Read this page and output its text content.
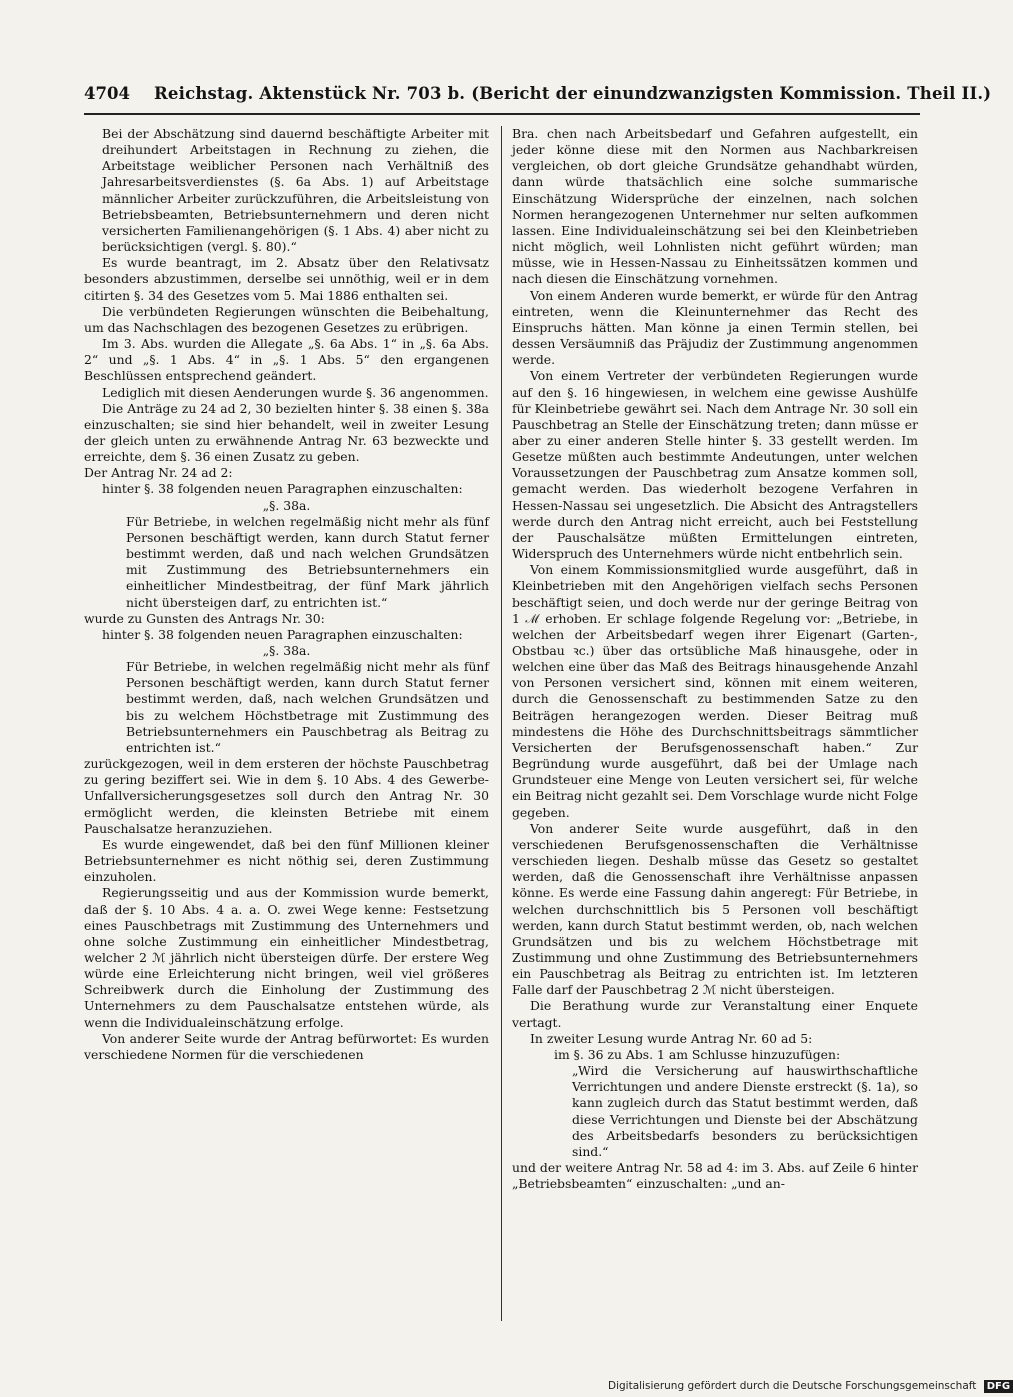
4704 Reichstag. Aktenstück Nr. 703 b. (Bericht der einundzwanzigsten Kommission. Theil II.)

Bei der Abschätzung sind dauernd beschäftigte Arbeiter mit dreihundert Arbeitstagen in Rechnung zu ziehen, die Arbeitstage weiblicher Personen nach Verhältniß des Jahresarbeitsverdienstes (§. 6a Abs. 1) auf Arbeitstage männlicher Arbeiter zurückzuführen, die Arbeitsleistung von Betriebsbeamten, Betriebsunternehmern und deren nicht versicherten Familienangehörigen (§. 1 Abs. 4) aber nicht zu berücksichtigen (vergl. §. 80).“

Es wurde beantragt, im 2. Absatz über den Relativsatz besonders abzustimmen, derselbe sei unnöthig, weil er in dem citirten §. 34 des Gesetzes vom 5. Mai 1886 enthalten sei.

Die verbündeten Regierungen wünschten die Beibehaltung, um das Nachschlagen des bezogenen Gesetzes zu erübrigen.

Im 3. Abs. wurden die Allegate „§. 6a Abs. 1“ in „§. 6a Abs. 2“ und „§. 1 Abs. 4“ in „§. 1 Abs. 5“ den ergangenen Beschlüssen entsprechend geändert.

Lediglich mit diesen Aenderungen wurde §. 36 angenommen.

Die Anträge zu 24 ad 2, 30 bezielten hinter §. 38 einen §. 38a einzuschalten; sie sind hier behandelt, weil in zweiter Lesung der gleich unten zu erwähnende Antrag Nr. 63 bezweckte und erreichte, dem §. 36 einen Zusatz zu geben.

Der Antrag Nr. 24 ad 2:

hinter §. 38 folgenden neuen Paragraphen einzuschalten:

„§. 38a.

Für Betriebe, in welchen regelmäßig nicht mehr als fünf Personen beschäftigt werden, kann durch Statut ferner bestimmt werden, daß und nach welchen Grundsätzen mit Zustimmung des Betriebsunternehmers ein einheitlicher Mindestbeitrag, der fünf Mark jährlich nicht übersteigen darf, zu entrichten ist.“

wurde zu Gunsten des Antrags Nr. 30:

hinter §. 38 folgenden neuen Paragraphen einzuschalten:

„§. 38a.

Für Betriebe, in welchen regelmäßig nicht mehr als fünf Personen beschäftigt werden, kann durch Statut ferner bestimmt werden, daß, nach welchen Grundsätzen und bis zu welchem Höchstbetrage mit Zustimmung des Betriebsunternehmers ein Pauschbetrag als Beitrag zu entrichten ist.“

zurückgezogen, weil in dem ersteren der höchste Pauschbetrag zu gering beziffert sei. Wie in dem §. 10 Abs. 4 des Gewerbe-Unfallversicherungsgesetzes soll durch den Antrag Nr. 30 ermöglicht werden, die kleinsten Betriebe mit einem Pauschalsatze heranzuziehen.

Es wurde eingewendet, daß bei den fünf Millionen kleiner Betriebsunternehmer es nicht nöthig sei, deren Zustimmung einzuholen.

Regierungsseitig und aus der Kommission wurde bemerkt, daß der §. 10 Abs. 4 a. a. O. zwei Wege kenne: Festsetzung eines Pauschbetrags mit Zustimmung des Unternehmers und ohne solche Zustimmung ein einheitlicher Mindestbetrag, welcher 2 ℳ jährlich nicht übersteigen dürfe. Der erstere Weg würde eine Erleichterung nicht bringen, weil viel größeres Schreibwerk durch die Einholung der Zustimmung des Unternehmers zu dem Pauschalsatze entstehen würde, als wenn die Individualeinschätzung erfolge.

Von anderer Seite wurde der Antrag befürwortet: Es wurden verschiedene Normen für die verschiedenen

Bra. chen nach Arbeitsbedarf und Gefahren aufgestellt, ein jeder könne diese mit den Normen aus Nachbarkreisen vergleichen, ob dort gleiche Grundsätze gehandhabt würden, dann würde thatsächlich eine solche summarische Einschätzung Widersprüche der einzelnen, nach solchen Normen herangezogenen Unternehmer nur selten aufkommen lassen. Eine Individualeinschätzung sei bei den Kleinbetrieben nicht möglich, weil Lohnlisten nicht geführt würden; man müsse, wie in Hessen-Nassau zu Einheitssätzen kommen und nach diesen die Einschätzung vornehmen.

Von einem Anderen wurde bemerkt, er würde für den Antrag eintreten, wenn die Kleinunternehmer das Recht des Einspruchs hätten. Man könne ja einen Termin stellen, bei dessen Versäumniß das Präjudiz der Zustimmung angenommen werde.

Von einem Vertreter der verbündeten Regierungen wurde auf den §. 16 hingewiesen, in welchem eine gewisse Aushülfe für Kleinbetriebe gewährt sei. Nach dem Antrage Nr. 30 soll ein Pauschbetrag an Stelle der Einschätzung treten; dann müsse er aber zu einer anderen Stelle hinter §. 33 gestellt werden. Im Gesetze müßten auch bestimmte Andeutungen, unter welchen Voraussetzungen der Pauschbetrag zum Ansatze kommen soll, gemacht werden. Das wiederholt bezogene Verfahren in Hessen-Nassau sei ungesetzlich. Die Absicht des Antragstellers werde durch den Antrag nicht erreicht, auch bei Feststellung der Pauschalsätze müßten Ermittelungen eintreten, Widerspruch des Unternehmers würde nicht entbehrlich sein.

Von einem Kommissionsmitglied wurde ausgeführt, daß in Kleinbetrieben mit den Angehörigen vielfach sechs Personen beschäftigt seien, und doch werde nur der geringe Beitrag von 1 ℳ erhoben. Er schlage folgende Regelung vor: „Betriebe, in welchen der Arbeitsbedarf wegen ihrer Eigenart (Garten-, Obstbau ꝛc.) über das ortsübliche Maß hinausgehe, oder in welchen eine über das Maß des Beitrags hinausgehende Anzahl von Personen versichert sind, können mit einem weiteren, durch die Genossenschaft zu bestimmenden Satze zu den Beiträgen herangezogen werden. Dieser Beitrag muß mindestens die Höhe des Durchschnittsbeitrags sämmtlicher Versicherten der Berufsgenossenschaft haben.“ Zur Begründung wurde ausgeführt, daß bei der Umlage nach Grundsteuer eine Menge von Leuten versichert sei, für welche ein Beitrag nicht gezahlt sei. Dem Vorschlage wurde nicht Folge gegeben.

Von anderer Seite wurde ausgeführt, daß in den verschiedenen Berufsgenossenschaften die Verhältnisse verschieden liegen. Deshalb müsse das Gesetz so gestaltet werden, daß die Genossenschaft ihre Verhältnisse anpassen könne. Es werde eine Fassung dahin angeregt: Für Betriebe, in welchen durchschnittlich bis 5 Personen voll beschäftigt werden, kann durch Statut bestimmt werden, ob, nach welchen Grundsätzen und bis zu welchem Höchstbetrage mit Zustimmung und ohne Zustimmung des Betriebsunternehmers ein Pauschbetrag als Beitrag zu entrichten ist. Im letzteren Falle darf der Pauschbetrag 2 ℳ nicht übersteigen.

Die Berathung wurde zur Veranstaltung einer Enquete vertagt.

In zweiter Lesung wurde Antrag Nr. 60 ad 5:

im §. 36 zu Abs. 1 am Schlusse hinzuzufügen:

„Wird die Versicherung auf hauswirthschaftliche Verrichtungen und andere Dienste erstreckt (§. 1a), so kann zugleich durch das Statut bestimmt werden, daß diese Verrichtungen und Dienste bei der Abschätzung des Arbeitsbedarfs besonders zu berücksichtigen sind.“

und der weitere Antrag Nr. 58 ad 4: im 3. Abs. auf Zeile 6 hinter „Betriebsbeamten“ einzuschalten: „und an-

Digitalisierung gefördert durch die Deutsche Forschungsgemeinschaft DFG
